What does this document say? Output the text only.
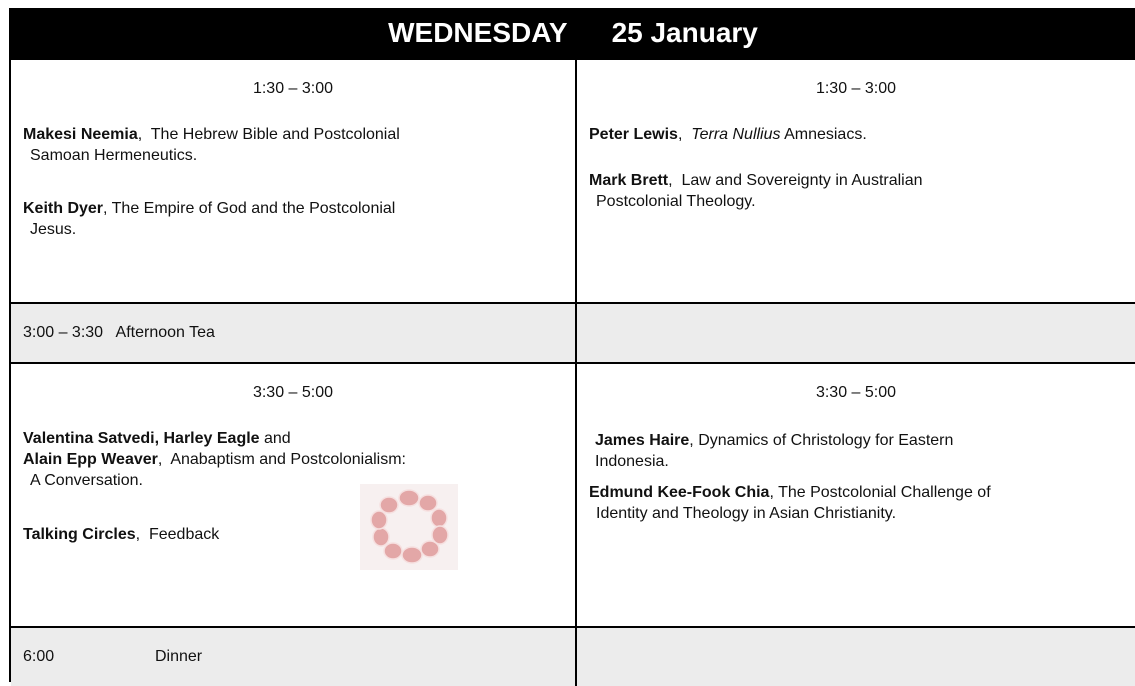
WEDNESDAY 25 January
1:30 – 3:00
Makesi Neemia,  The Hebrew Bible and Postcolonial
Samoan Hermeneutics.
Keith Dyer, The Empire of God and the Postcolonial
Jesus.
1:30 – 3:00
Peter Lewis,  Terra Nullius Amnesiacs.
Mark Brett,  Law and Sovereignty in Australian
Postcolonial Theology.
3:00 – 3:30   Afternoon Tea
3:30 – 5:00
Valentina Satvedi, Harley Eagle and
Alain Epp Weaver,  Anabaptism and Postcolonialism:
A Conversation.
Talking Circles,  Feedback
3:30 – 5:00
James Haire, Dynamics of Christology for Eastern
Indonesia.
Edmund Kee-Fook Chia, The Postcolonial Challenge of
Identity and Theology in Asian Christianity.
6:00	Dinner
